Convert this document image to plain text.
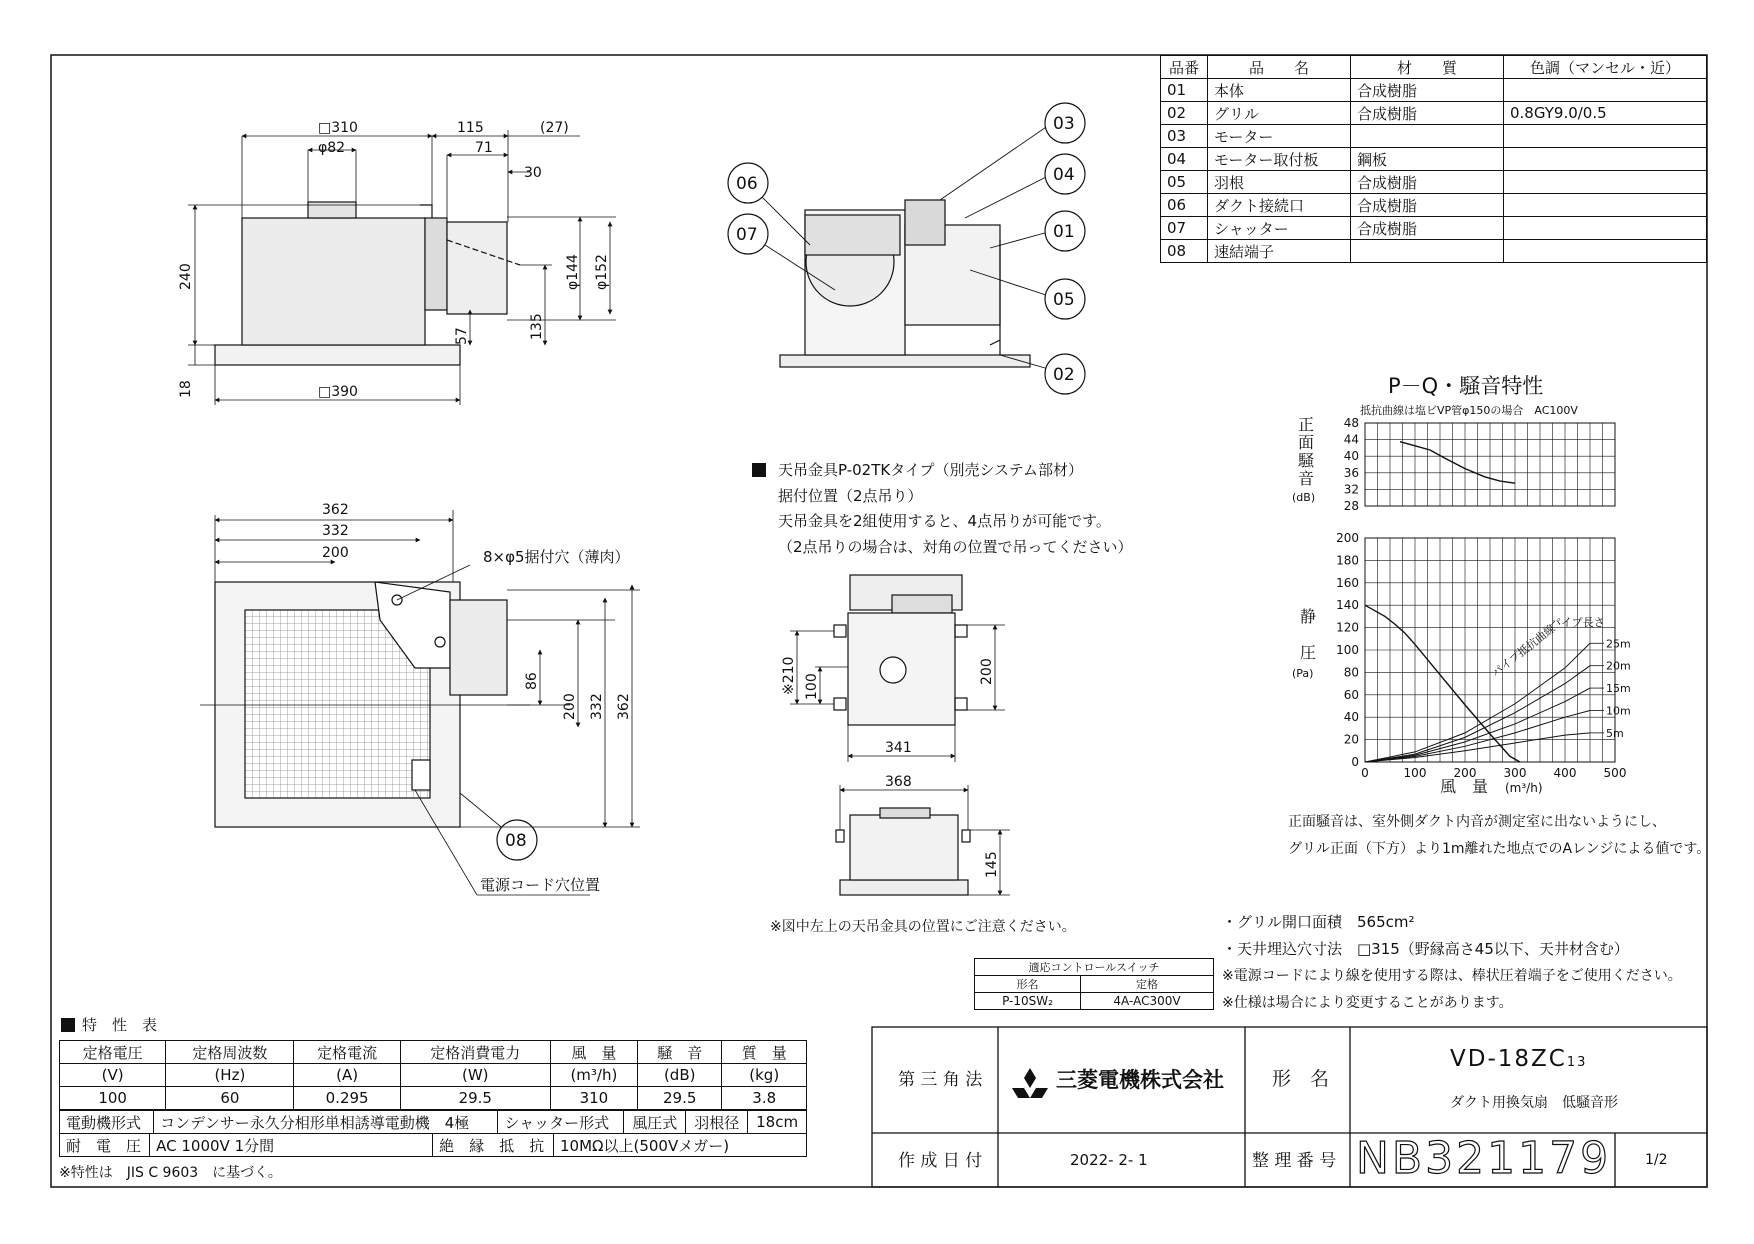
□310	115	(27)
φ82	71
30
240	φ144 φ152
135
57
18	□390
03
04
01
05
02
06
07
08
362
332
200
86
200 332 362
8×φ5据付穴（薄肉）
電源コード穴位置
※210 100
200
341
368
145
28
32
36
40
44
48
0
20
40
60
80
100
120
140
160
180
200
0	100 200 300 400 500
5m
10m
15m
20m
25m
品番	品　　名	材　　質	色調（マンセル・近）
01	本体	合成樹脂	
02	グリル	合成樹脂	0.8GY9.0/0.5
03	モーター		
04	モーター取付板	鋼板	
05	羽根	合成樹脂	
06	ダクト接続口	合成樹脂	
07	シャッター	合成樹脂	
08	速結端子		
天吊金具P-02TKタイプ（別売システム部材）
据付位置（2点吊り）
天吊金具を2組使用すると、4点吊りが可能です。
（2点吊りの場合は、対角の位置で吊ってください）
※図中左上の天吊金具の位置にご注意ください。
P－Q・騒音特性
抵抗曲線は塩ビVP管φ150の場合　AC100V
正
面
騒
音
(dB)
静
圧
(Pa)
風　量 (m³/h)
パイプ長さ
パイプ抵抗曲線
正面騒音は、室外側ダクト内音が測定室に出ないようにし、
グリル正面（下方）より1m離れた地点でのAレンジによる値です。
・グリル開口面積　565cm²
・天井埋込穴寸法　□315（野縁高さ45以下、天井材含む）
※電源コードにより線を使用する際は、棒状圧着端子をご使用ください。
※仕様は場合により変更することがあります。
適応コントロールスイッチ	
形名	定格
P-10SW₂	4A-AC300V
特　性　表
定格電圧	定格周波数	定格電流	定格消費電力	風　量	騒　音	質　量
(V)	(Hz)	(A)	(W)	(m³/h)	(dB)	(kg)
100	60	0.295	29.5	310	29.5	3.8
電動機形式	コンデンサー永久分相形単相誘導電動機　4極	シャッター形式	風圧式	羽根径	18cm
耐　電　圧	AC 1000V 1分間	絶　縁　抵　抗	10MΩ以上(500Vメガー)
※特性は　JIS C 9603　に基づく。
第 三 角 法	三菱電機株式会社	形　名
VD-18ZC13
ダクト用換気扇　低騒音形
作 成 日 付	2022- 2- 1	整 理 番 号 NB321179 1/2
